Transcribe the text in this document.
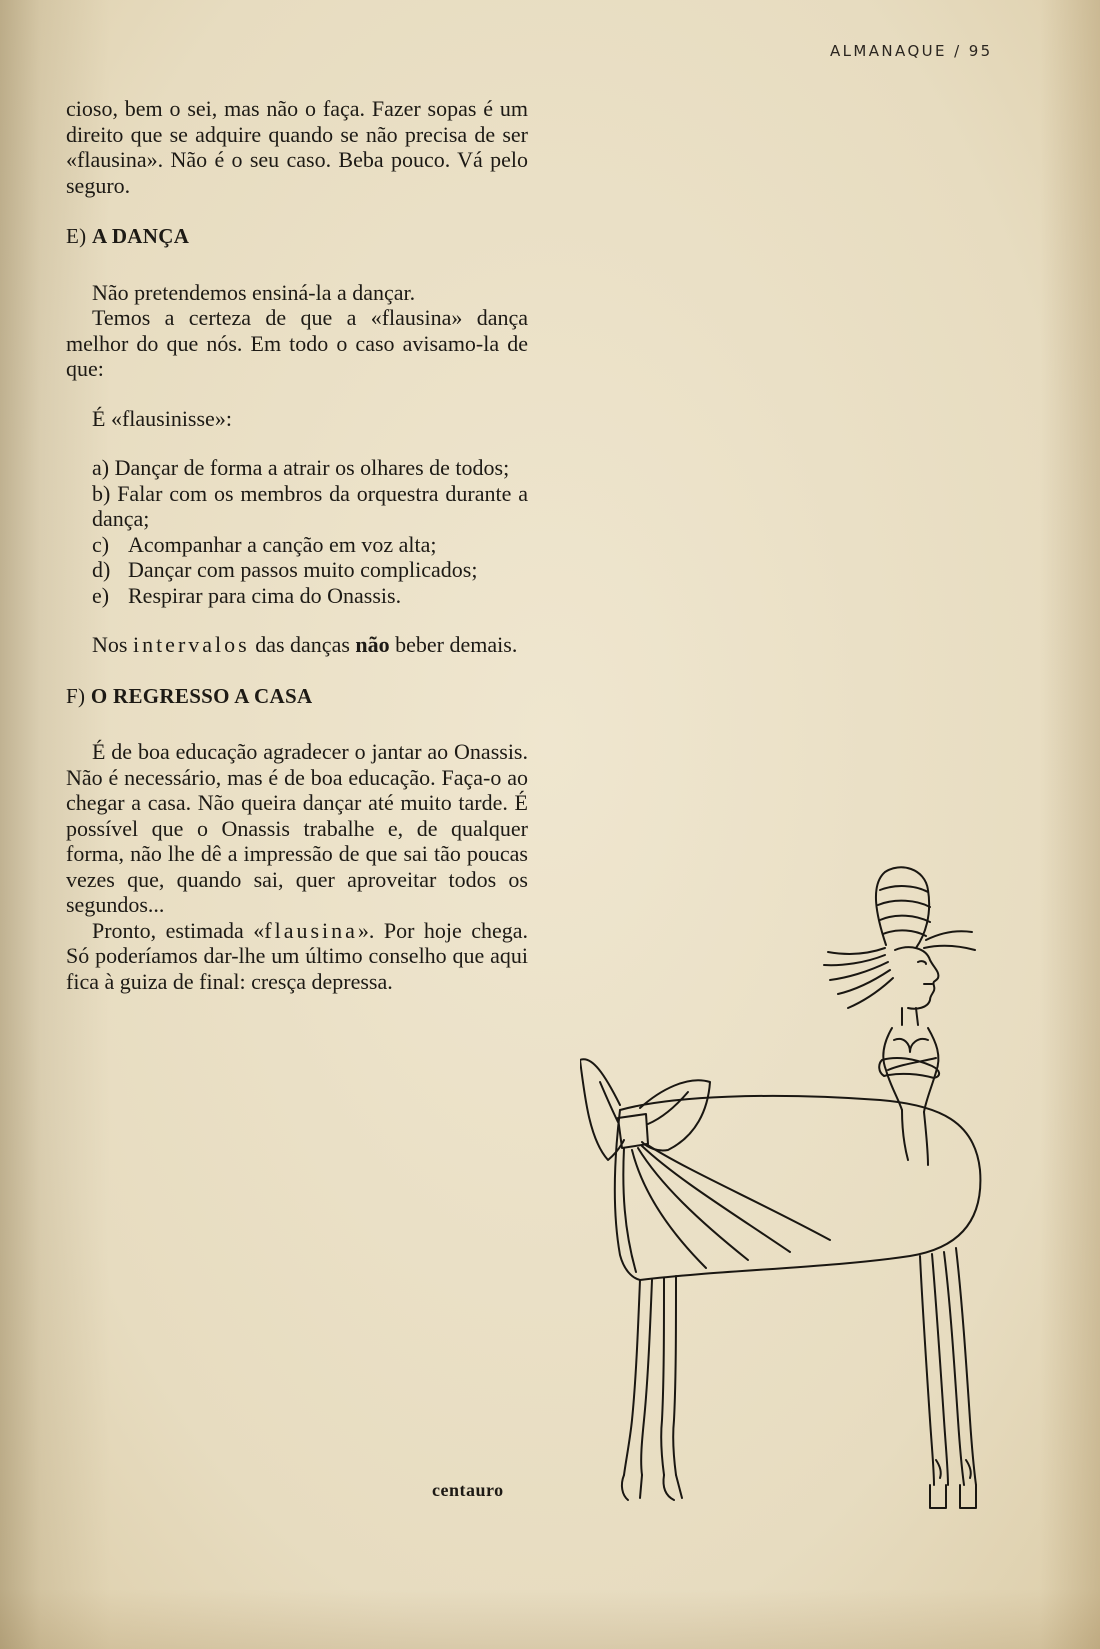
ALMANAQUE / 95

cioso, bem o sei, mas não o faça. Fazer sopas é um direito que se adquire quando se não precisa de ser «flausina». Não é o seu caso. Beba pouco. Vá pelo seguro.

E) A DANÇA

Não pretendemos ensiná-la a dançar.

Temos a certeza de que a «flausina» dança melhor do que nós. Em todo o caso avisamo-la de que:

É «flausinisse»:

a) Dançar de forma a atrair os olhares de todos;

b) Falar com os membros da orquestra durante a dança;

c) Acompanhar a canção em voz alta;
d) Dançar com passos muito complicados;
e) Respirar para cima do Onassis.

Nos intervalos das danças não beber demais.

F) O REGRESSO A CASA

É de boa educação agradecer o jantar ao Onassis. Não é necessário, mas é de boa educação. Faça-o ao chegar a casa. Não queira dançar até muito tarde. É possível que o Onassis trabalhe e, de qualquer forma, não lhe dê a impressão de que sai tão poucas vezes que, quando sai, quer aproveitar todos os segundos...

Pronto, estimada «flausina». Por hoje chega. Só poderíamos dar-lhe um último conselho que aqui fica à guiza de final: cresça depressa.

centauro
